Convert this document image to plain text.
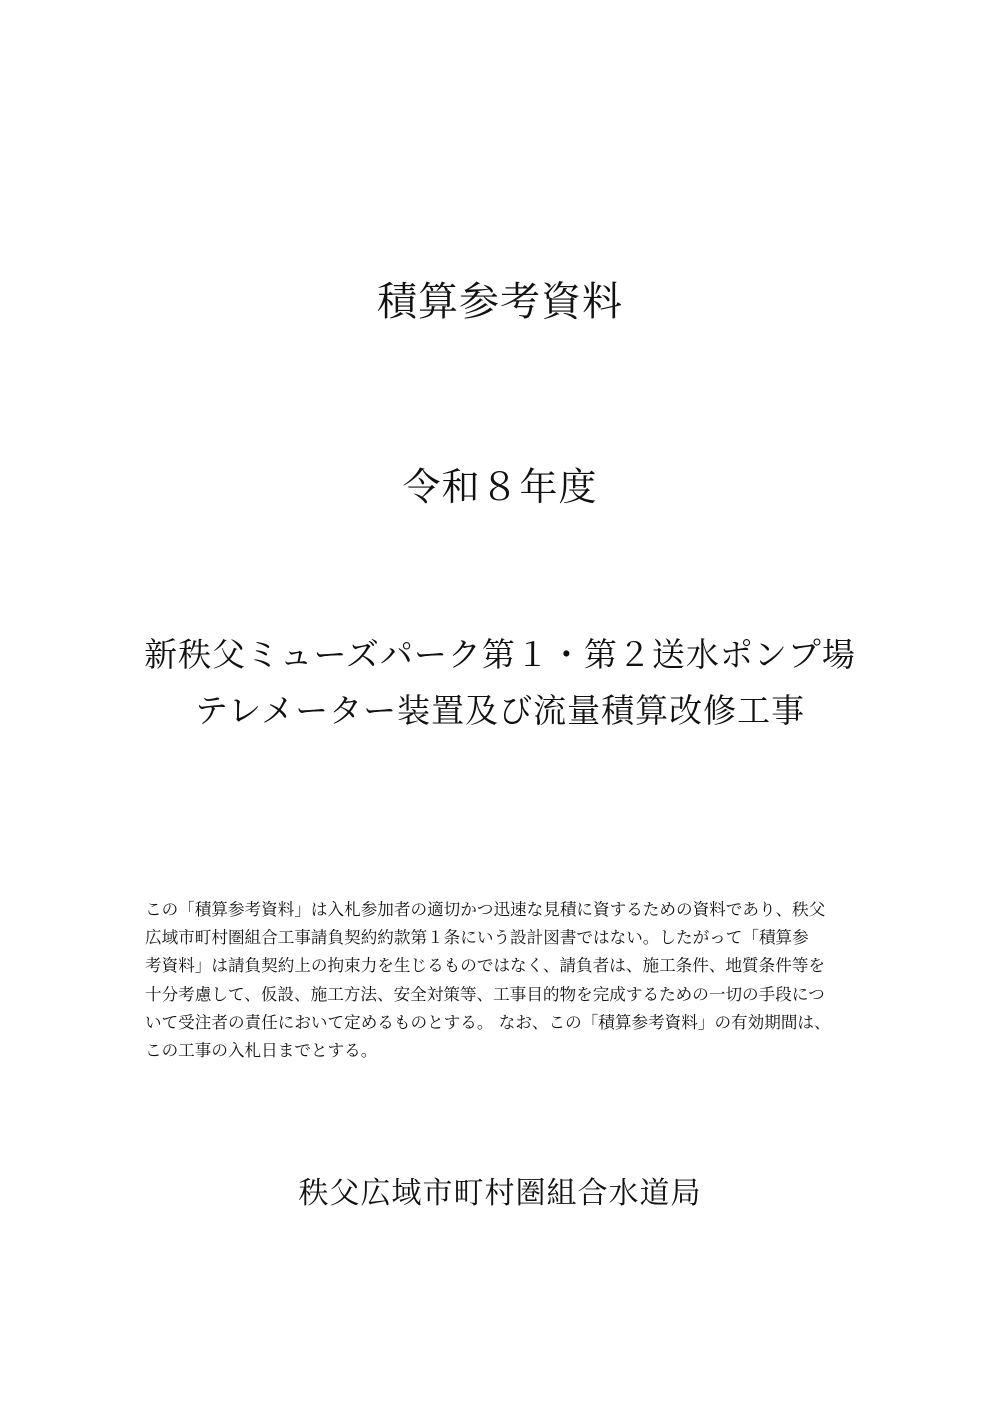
積算参考資料
令和８年度
新秩父ミューズパーク第１・第２送水ポンプ場
テレメーター装置及び流量積算改修工事
この「積算参考資料」は入札参加者の適切かつ迅速な見積に資するための資料であり、秩父
広域市町村圏組合工事請負契約約款第１条にいう設計図書ではない。したがって「積算参
考資料」は請負契約上の拘束力を生じるものではなく、請負者は、施工条件、地質条件等を
十分考慮して、仮設、施工方法、安全対策等、工事目的物を完成するための一切の手段につ
いて受注者の責任において定めるものとする。 なお、この「積算参考資料」の有効期間は、
この工事の入札日までとする。
秩父広域市町村圏組合水道局
